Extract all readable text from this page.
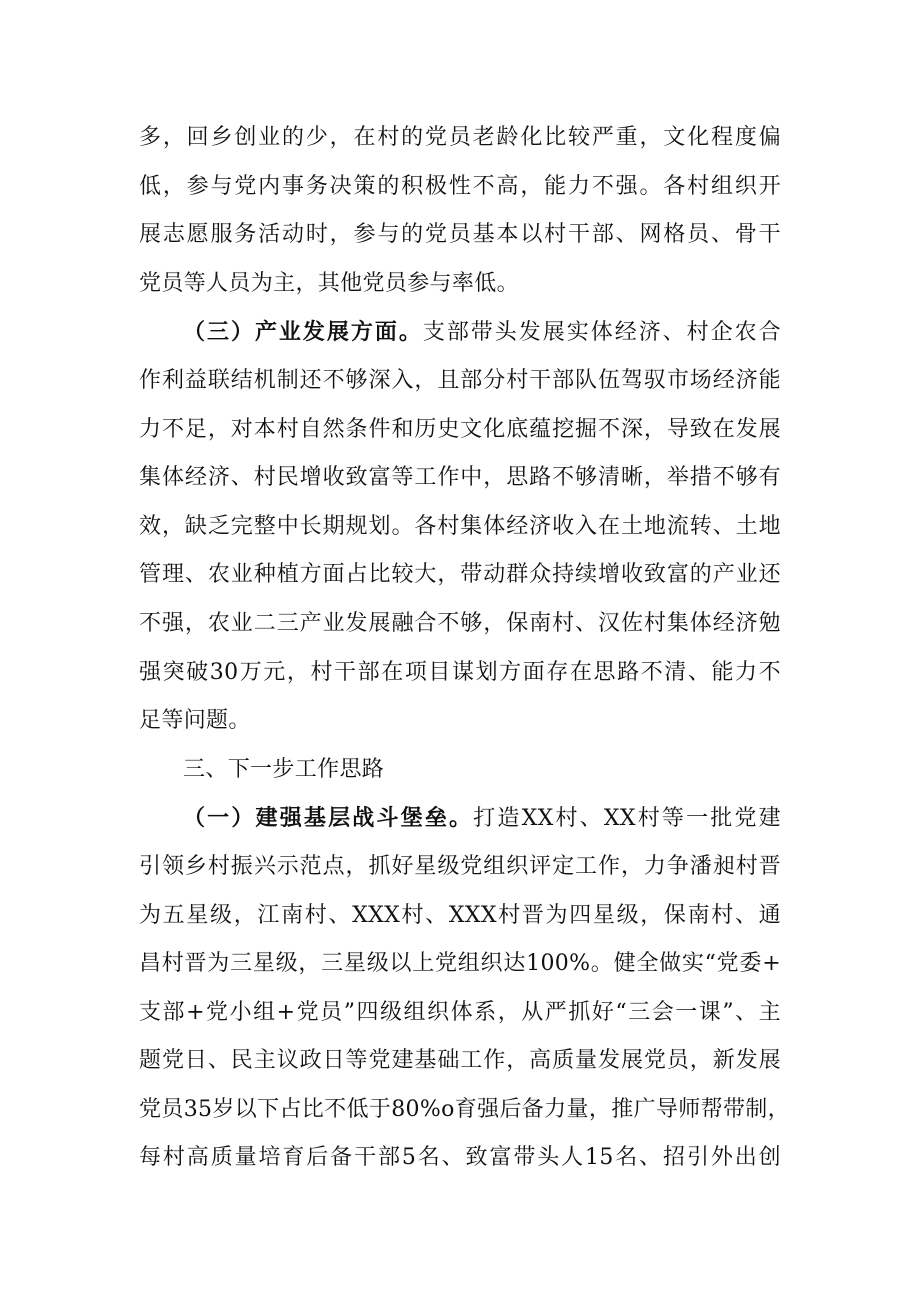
多，回乡创业的少，在村的党员老龄化比较严重，文化程度偏
低，参与党内事务决策的积极性不高，能力不强。各村组织开
展志愿服务活动时，参与的党员基本以村干部、网格员、骨干
党员等人员为主，其他党员参与率低。
（三）产业发展方面。支部带头发展实体经济、村企农合
作利益联结机制还不够深入，且部分村干部队伍驾驭市场经济能
力不足，对本村自然条件和历史文化底蕴挖掘不深，导致在发展
集体经济、村民增收致富等工作中，思路不够清晰，举措不够有
效，缺乏完整中长期规划。各村集体经济收入在土地流转、土地
管理、农业种植方面占比较大，带动群众持续增收致富的产业还
不强，农业二三产业发展融合不够，保南村、汉佐村集体经济勉
强突破30万元，村干部在项目谋划方面存在思路不清、能力不
足等问题。
三、下一步工作思路
（一）建强基层战斗堡垒。打造XX村、XX村等一批党建
引领乡村振兴示范点，抓好星级党组织评定工作，力争潘昶村晋
为五星级，江南村、XXX村、XXX村晋为四星级，保南村、通
昌村晋为三星级，三星级以上党组织达100%。健全做实“党委+
支部+党小组+党员”四级组织体系，从严抓好“三会一课”、主
题党日、民主议政日等党建基础工作，高质量发展党员，新发展
党员35岁以下占比不低于80%o育强后备力量，推广导师帮带制，
每村高质量培育后备干部5名、致富带头人15名、招引外出创
